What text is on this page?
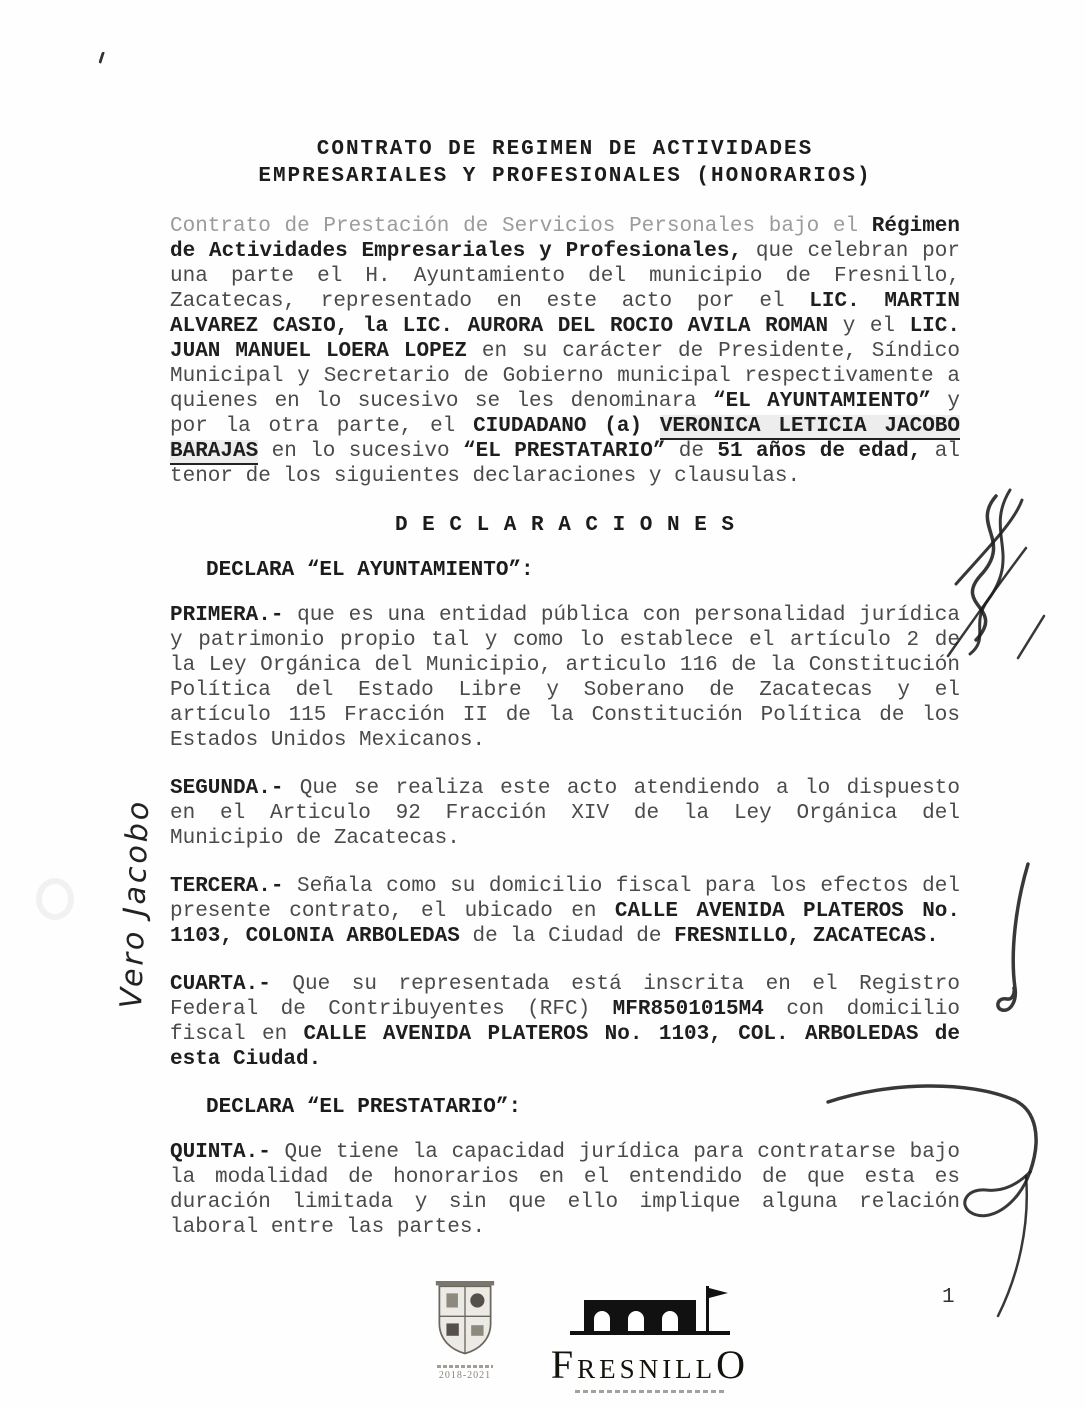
CONTRATO DE REGIMEN DE ACTIVIDADES
EMPRESARIALES Y PROFESIONALES (HONORARIOS)

Contrato de Prestación de Servicios Personales bajo el Régimen de Actividades Empresariales y Profesionales, que celebran por una parte el H. Ayuntamiento del municipio de Fresnillo, Zacatecas, representado en este acto por el LIC. MARTIN ALVAREZ CASIO, la LIC. AURORA DEL ROCIO AVILA ROMAN y el LIC. JUAN MANUEL LOERA LOPEZ en su carácter de Presidente, Síndico Municipal y Secretario de Gobierno municipal respectivamente a quienes en lo sucesivo se les denominara “EL AYUNTAMIENTO” y por la otra parte, el CIUDADANO (a) VERONICA LETICIA JACOBO BARAJAS en lo sucesivo “EL PRESTATARIO” de 51 años de edad, al tenor de los siguientes declaraciones y clausulas.

D E C L A R A C I O N E S
DECLARA “EL AYUNTAMIENTO”:

PRIMERA.- que es una entidad pública con personalidad jurídica y patrimonio propio tal y como lo establece el artículo 2 de la Ley Orgánica del Municipio, articulo 116 de la Constitución Política del Estado Libre y Soberano de Zacatecas y el artículo 115 Fracción II de la Constitución Política de los Estados Unidos Mexicanos.

SEGUNDA.- Que se realiza este acto atendiendo a lo dispuesto en el Articulo 92 Fracción XIV de la Ley Orgánica del Municipio de Zacatecas.

TERCERA.- Señala como su domicilio fiscal para los efectos del presente contrato, el ubicado en CALLE AVENIDA PLATEROS No. 1103, COLONIA ARBOLEDAS de la Ciudad de FRESNILLO, ZACATECAS.

CUARTA.- Que su representada está inscrita en el Registro Federal de Contribuyentes (RFC) MFR8501015M4 con domicilio fiscal en CALLE AVENIDA PLATEROS No. 1103, COL. ARBOLEDAS de esta Ciudad.

DECLARA “EL PRESTATARIO”:

QUINTA.- Que tiene la capacidad jurídica para contratarse bajo la modalidad de honorarios en el entendido de que esta es duración limitada y sin que ello implique alguna relación laboral entre las partes.

Vero Jacobo
2018-2021	FRESNILLO
1
